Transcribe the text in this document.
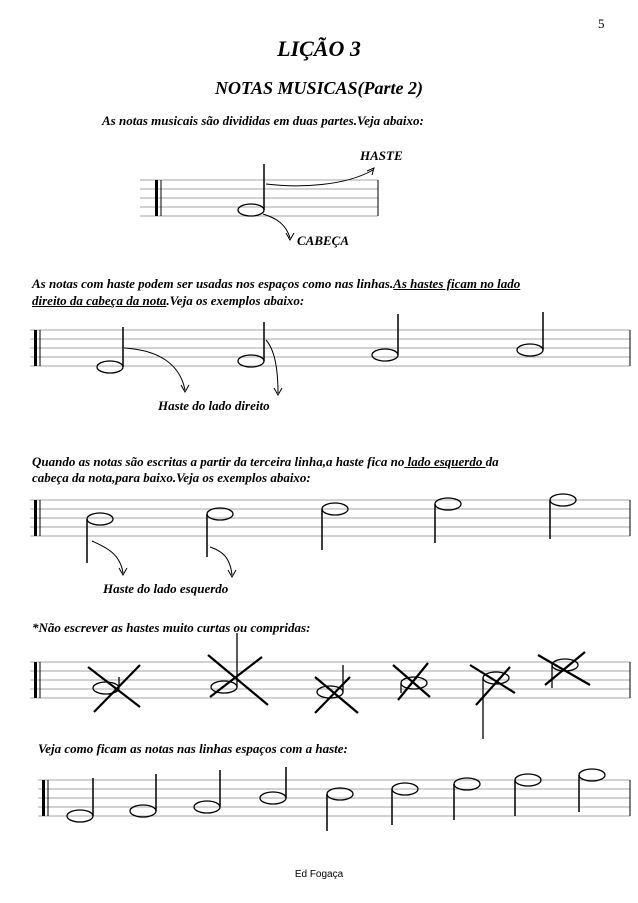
5
LIÇÃO 3
NOTAS MUSICAS(Parte 2)
As notas musicais são divididas em duas partes.Veja abaixo:
HASTE
CABEÇA
As notas com haste podem ser usadas nos espaços como nas linhas.As hastes ficam no lado
direito da cabeça da nota.Veja os exemplos abaixo:
Haste do lado direito
Quando as notas são escritas a partir da terceira linha,a haste fica no lado esquerdo da
cabeça da nota,para baixo.Veja os exemplos abaixo:
Haste do lado esquerdo
*Não escrever as hastes muito curtas ou compridas:
Veja como ficam as notas nas linhas espaços com a haste:
Ed Fogaça
